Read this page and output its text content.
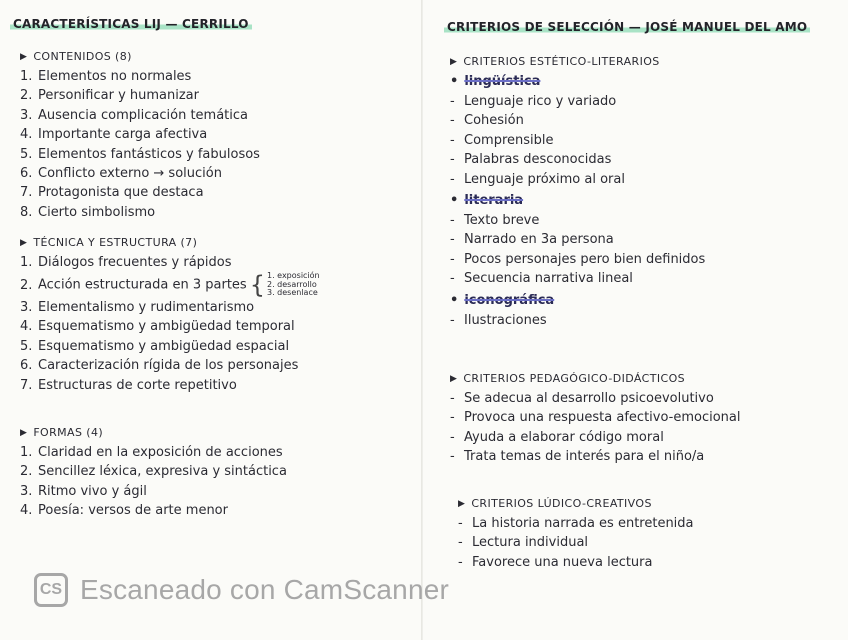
CARACTERÍSTICAS LIJ — CERRILLO
▶ CONTENIDOS (8)
1. Elementos no normales
2. Personificar y humanizar
3. Ausencia complicación temática
4. Importante carga afectiva
5. Elementos fantásticos y fabulosos
6. Conflicto externo → solución
7. Protagonista que destaca
8. Cierto simbolismo
▶ TÉCNICA Y ESTRUCTURA (7)
1. Diálogos frecuentes y rápidos
2. Acción estructurada en 3 partes { 1. exposición
2. desarrollo
3. desenlace
3. Elementalismo y rudimentarismo
4. Esquematismo y ambigüedad temporal
5. Esquematismo y ambigüedad espacial
6. Caracterización rígida de los personajes
7. Estructuras de corte repetitivo
▶ FORMAS (4)
1. Claridad en la exposición de acciones
2. Sencillez léxica, expresiva y sintáctica
3. Ritmo vivo y ágil
4. Poesía: versos de arte menor
CRITERIOS DE SELECCIÓN — JOSÉ MANUEL DEL AMO
▶ CRITERIOS ESTÉTICO-LITERARIOS
• lingüística
- Lenguaje rico y variado
- Cohesión
- Comprensible
- Palabras desconocidas
- Lenguaje próximo al oral
• literaria
- Texto breve
- Narrado en 3a persona
- Pocos personajes pero bien definidos
- Secuencia narrativa lineal
• iconográfica
- Ilustraciones
▶ CRITERIOS PEDAGÓGICO-DIDÁCTICOS
- Se adecua al desarrollo psicoevolutivo
- Provoca una respuesta afectivo-emocional
- Ayuda a elaborar código moral
- Trata temas de interés para el niño/a
▶ CRITERIOS LÚDICO-CREATIVOS
- La historia narrada es entretenida
- Lectura individual
- Favorece una nueva lectura
CS Escaneado con CamScanner
